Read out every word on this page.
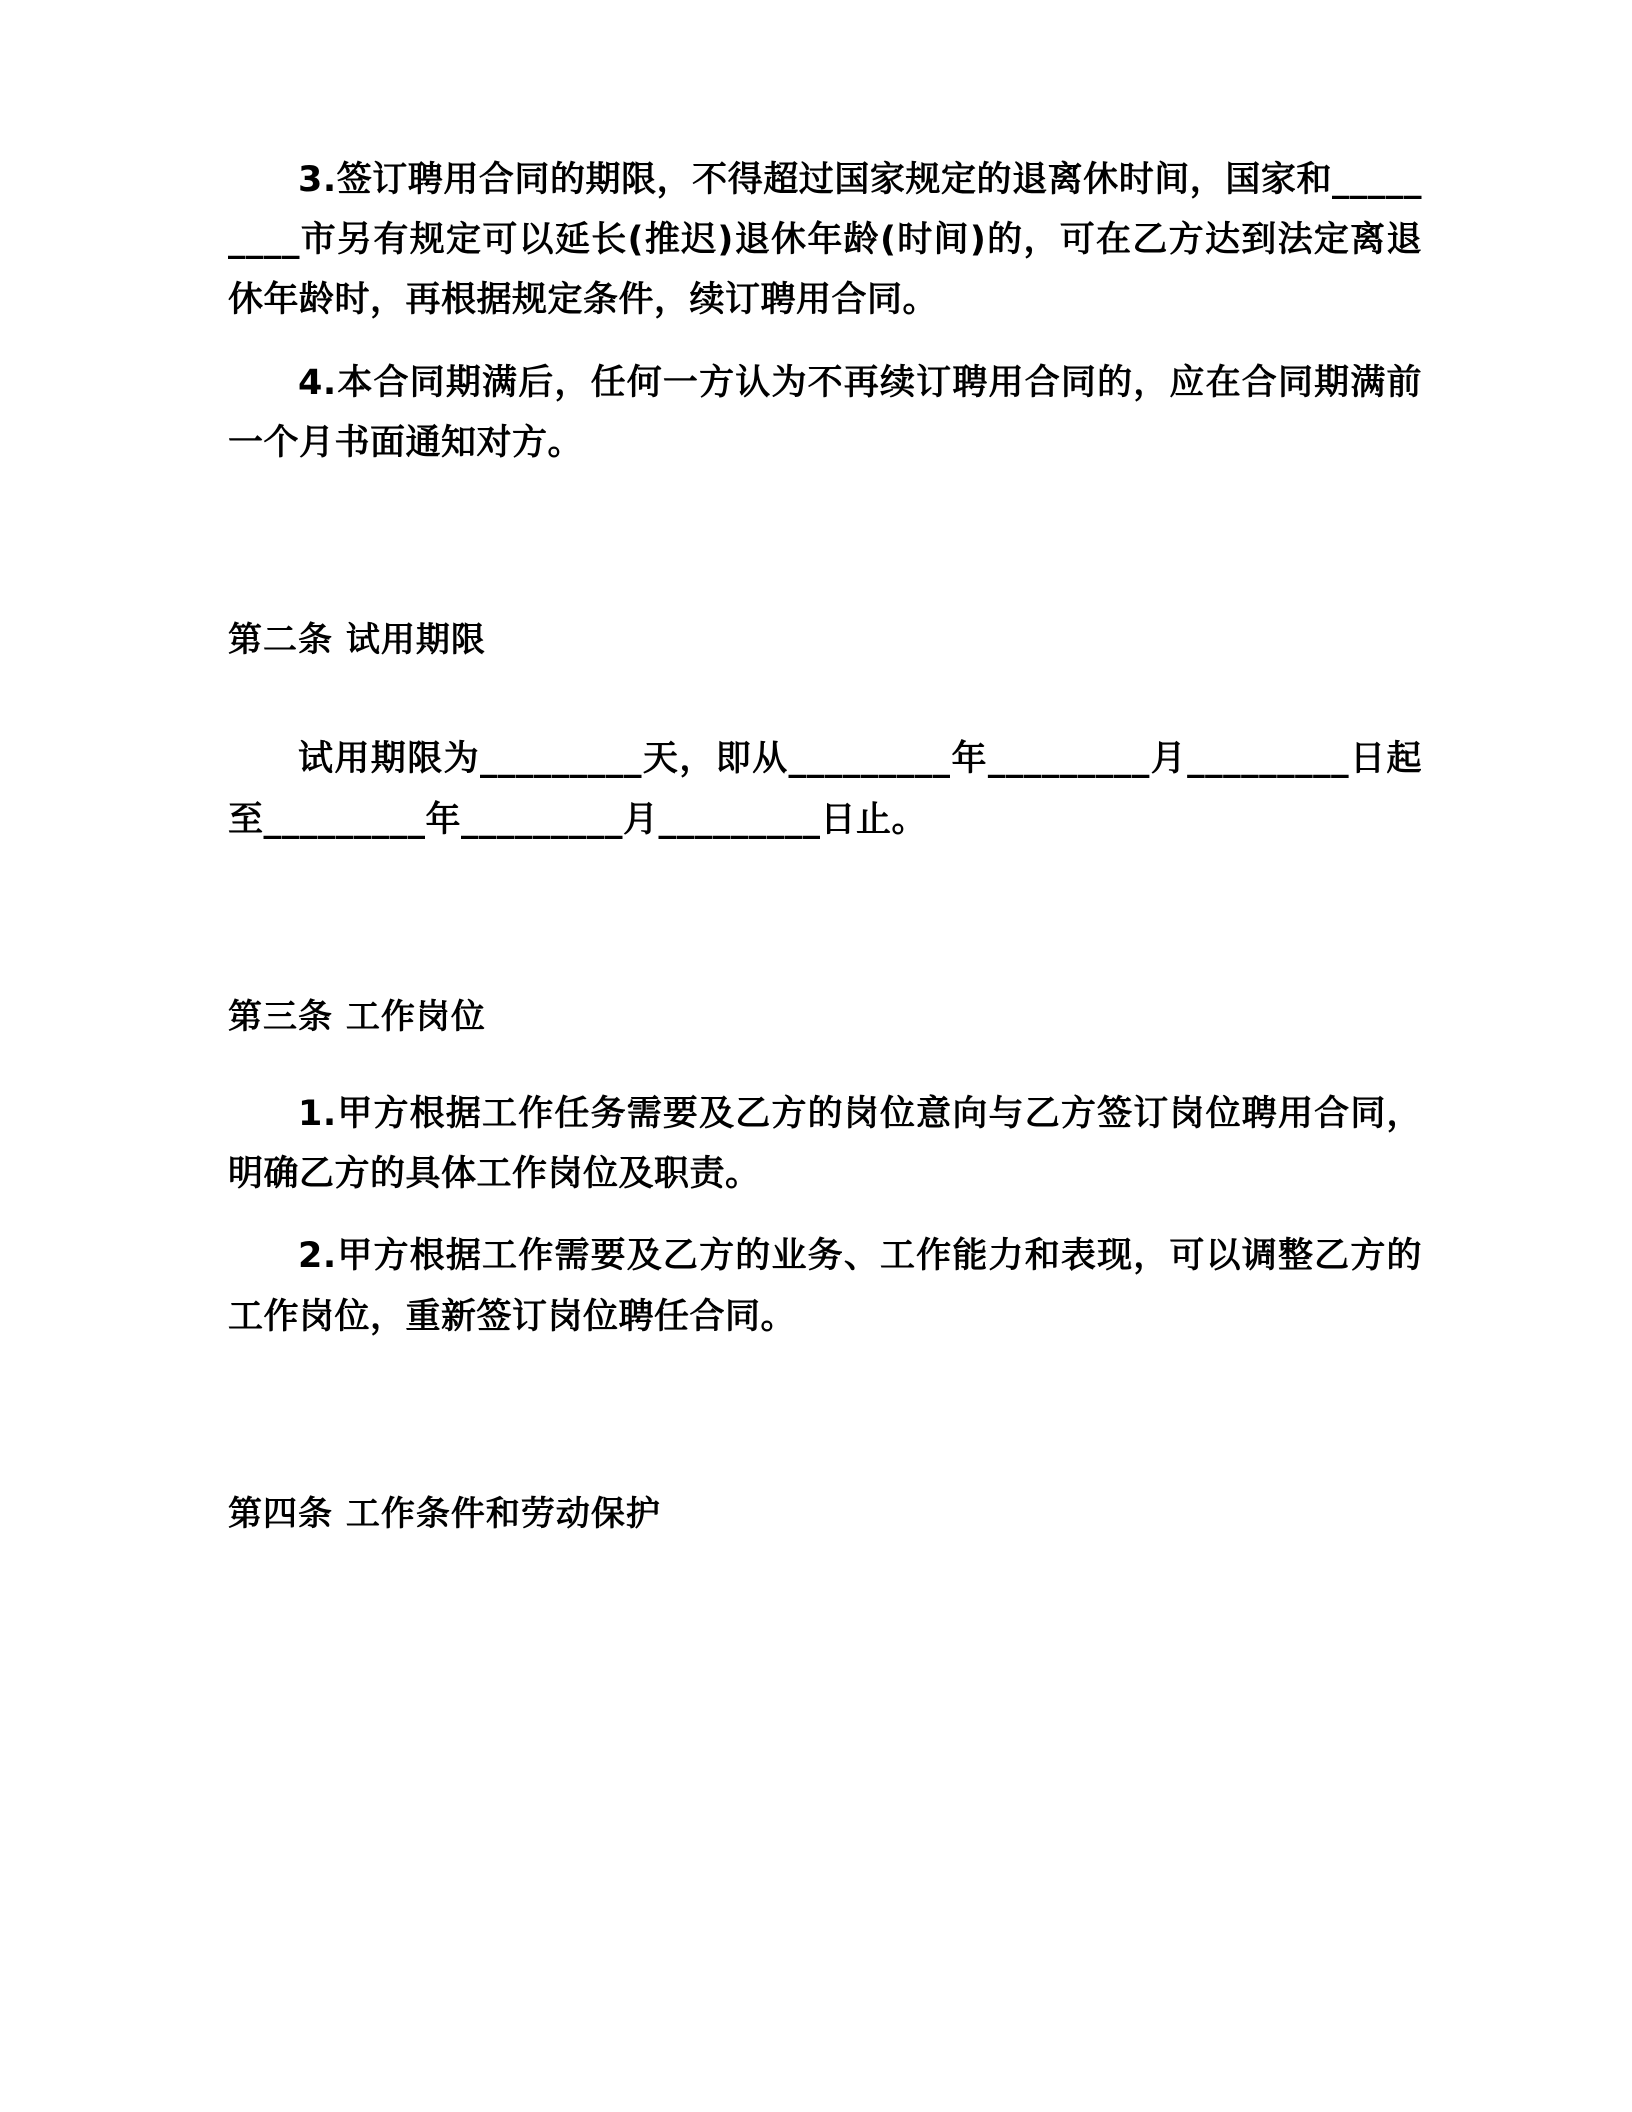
3.签订聘用合同的期限，不得超过国家规定的退离休时间，国家和_________市另有规定可以延长(推迟)退休年龄(时间)的，可在乙方达到法定离退休年龄时，再根据规定条件，续订聘用合同。

4.本合同期满后，任何一方认为不再续订聘用合同的，应在合同期满前一个月书面通知对方。

第二条 试用期限

试用期限为_________天，即从_________年_________月_________日起至_________年_________月_________日止。

第三条 工作岗位

1.甲方根据工作任务需要及乙方的岗位意向与乙方签订岗位聘用合同，明确乙方的具体工作岗位及职责。

2.甲方根据工作需要及乙方的业务、工作能力和表现，可以调整乙方的工作岗位，重新签订岗位聘任合同。

第四条 工作条件和劳动保护
